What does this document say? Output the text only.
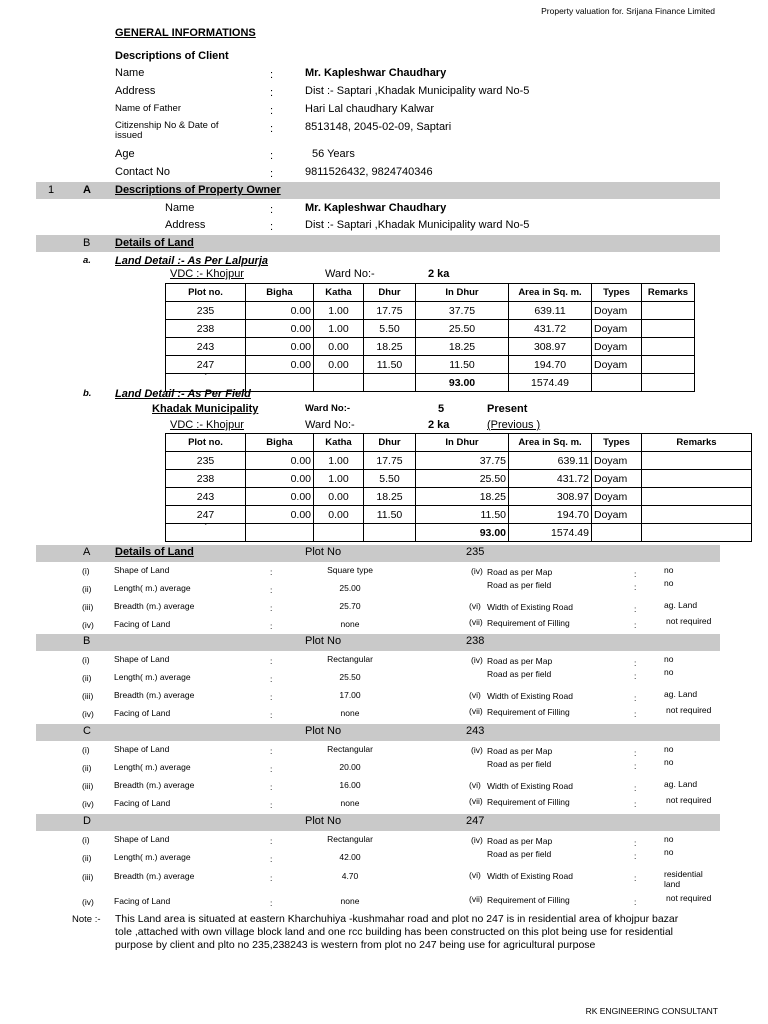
Property valuation for. Srijana Finance Limited
GENERAL INFORMATIONS
Descriptions of Client
Name	:	Mr. Kapleshwar Chaudhary
Address	:	Dist :- Saptari ,Khadak Municipality ward No-5
Name of Father	:	Hari Lal chaudhary Kalwar
Citizenship No & Date of issued
:	8513148, 2045-02-09, Saptari
Age	:	56 Years
Contact No	:	9811526432, 9824740346
1	A Descriptions of Property Owner
Name	:	Mr. Kapleshwar Chaudhary
Address	:	Dist :- Saptari ,Khadak Municipality ward No-5
B Details of Land
a. Land Detail :- As Per Lalpurja
VDC :- Khojpur	Ward No:-	2 ka
Plot no.	Bigha	Katha	Dhur	In Dhur	Area in Sq. m.	Types	Remarks
235	0.00	1.00	17.75	37.75	639.11	Doyam	
238	0.00	1.00	5.50	25.50	431.72	Doyam	
243	0.00	0.00	18.25	18.25	308.97	Doyam	
247	0.00	0.00	11.50	11.50	194.70	Doyam	
`				93.00	1574.49		
b. Land Detail :- As Per Field
Khadak Municipality	Ward No:-	5	Present
VDC :- Khojpur	Ward No:-	2 ka	(Previous )
Plot no.	Bigha	Katha	Dhur	In Dhur	Area in Sq. m.	Types	Remarks
235	0.00	1.00	17.75	37.75	639.11	Doyam	
238	0.00	1.00	5.50	25.50	431.72	Doyam	
243	0.00	0.00	18.25	18.25	308.97	Doyam	
247	0.00	0.00	11.50	11.50	194.70	Doyam	
`				93.00	1574.49		
A Details of Land	Plot No	235
(i)	Shape of Land	:	Square type	(iv) Road as per Map	:	no
(ii)	Length( m.) average	:	25.00	Road as per field	:	no
(iii) Breadth (m.) average	:	25.70	(vi) Width of Existing Road	:	ag. Land
(iv) Facing of Land	:	none	(vii) Requirement of Filling	:	not required
B	Plot No	238
(i)	Shape of Land	:	Rectangular	(iv) Road as per Map	:	no
(ii)	Length( m.) average	:	25.50	Road as per field	:	no
(iii) Breadth (m.) average	:	17.00	(vi) Width of Existing Road	:	ag. Land
(iv) Facing of Land	:	none	(vii) Requirement of Filling	:	not required
C	Plot No	243
(i)	Shape of Land	:	Rectangular	(iv) Road as per Map	:	no
(ii)	Length( m.) average	:	20.00	Road as per field	:	no
(iii) Breadth (m.) average	:	16.00	(vi) Width of Existing Road	:	ag. Land
(iv) Facing of Land	:	none	(vii) Requirement of Filling	:	not required
D	Plot No	247
(i)	Shape of Land	:	Rectangular	(iv) Road as per Map	:	no
(ii)	Length( m.) average	:	42.00	Road as per field	:	no
(iii) Breadth (m.) average	:	4.70	(vi) Width of Existing Road	:	residential land
(iv) Facing of Land	:	none	(vii) Requirement of Filling	:	not required
Note :- This Land area is situated at eastern Kharchuhiya -kushmahar road and plot no 247 is in residential area of khojpur bazar
tole ,attached with own village block land and one rcc building has been constructed on this plot being use for residential
purpose by client and plto no 235,238243 is western from plot no 247 being use for agricultural purpose
RK ENGINEERING CONSULTANT
